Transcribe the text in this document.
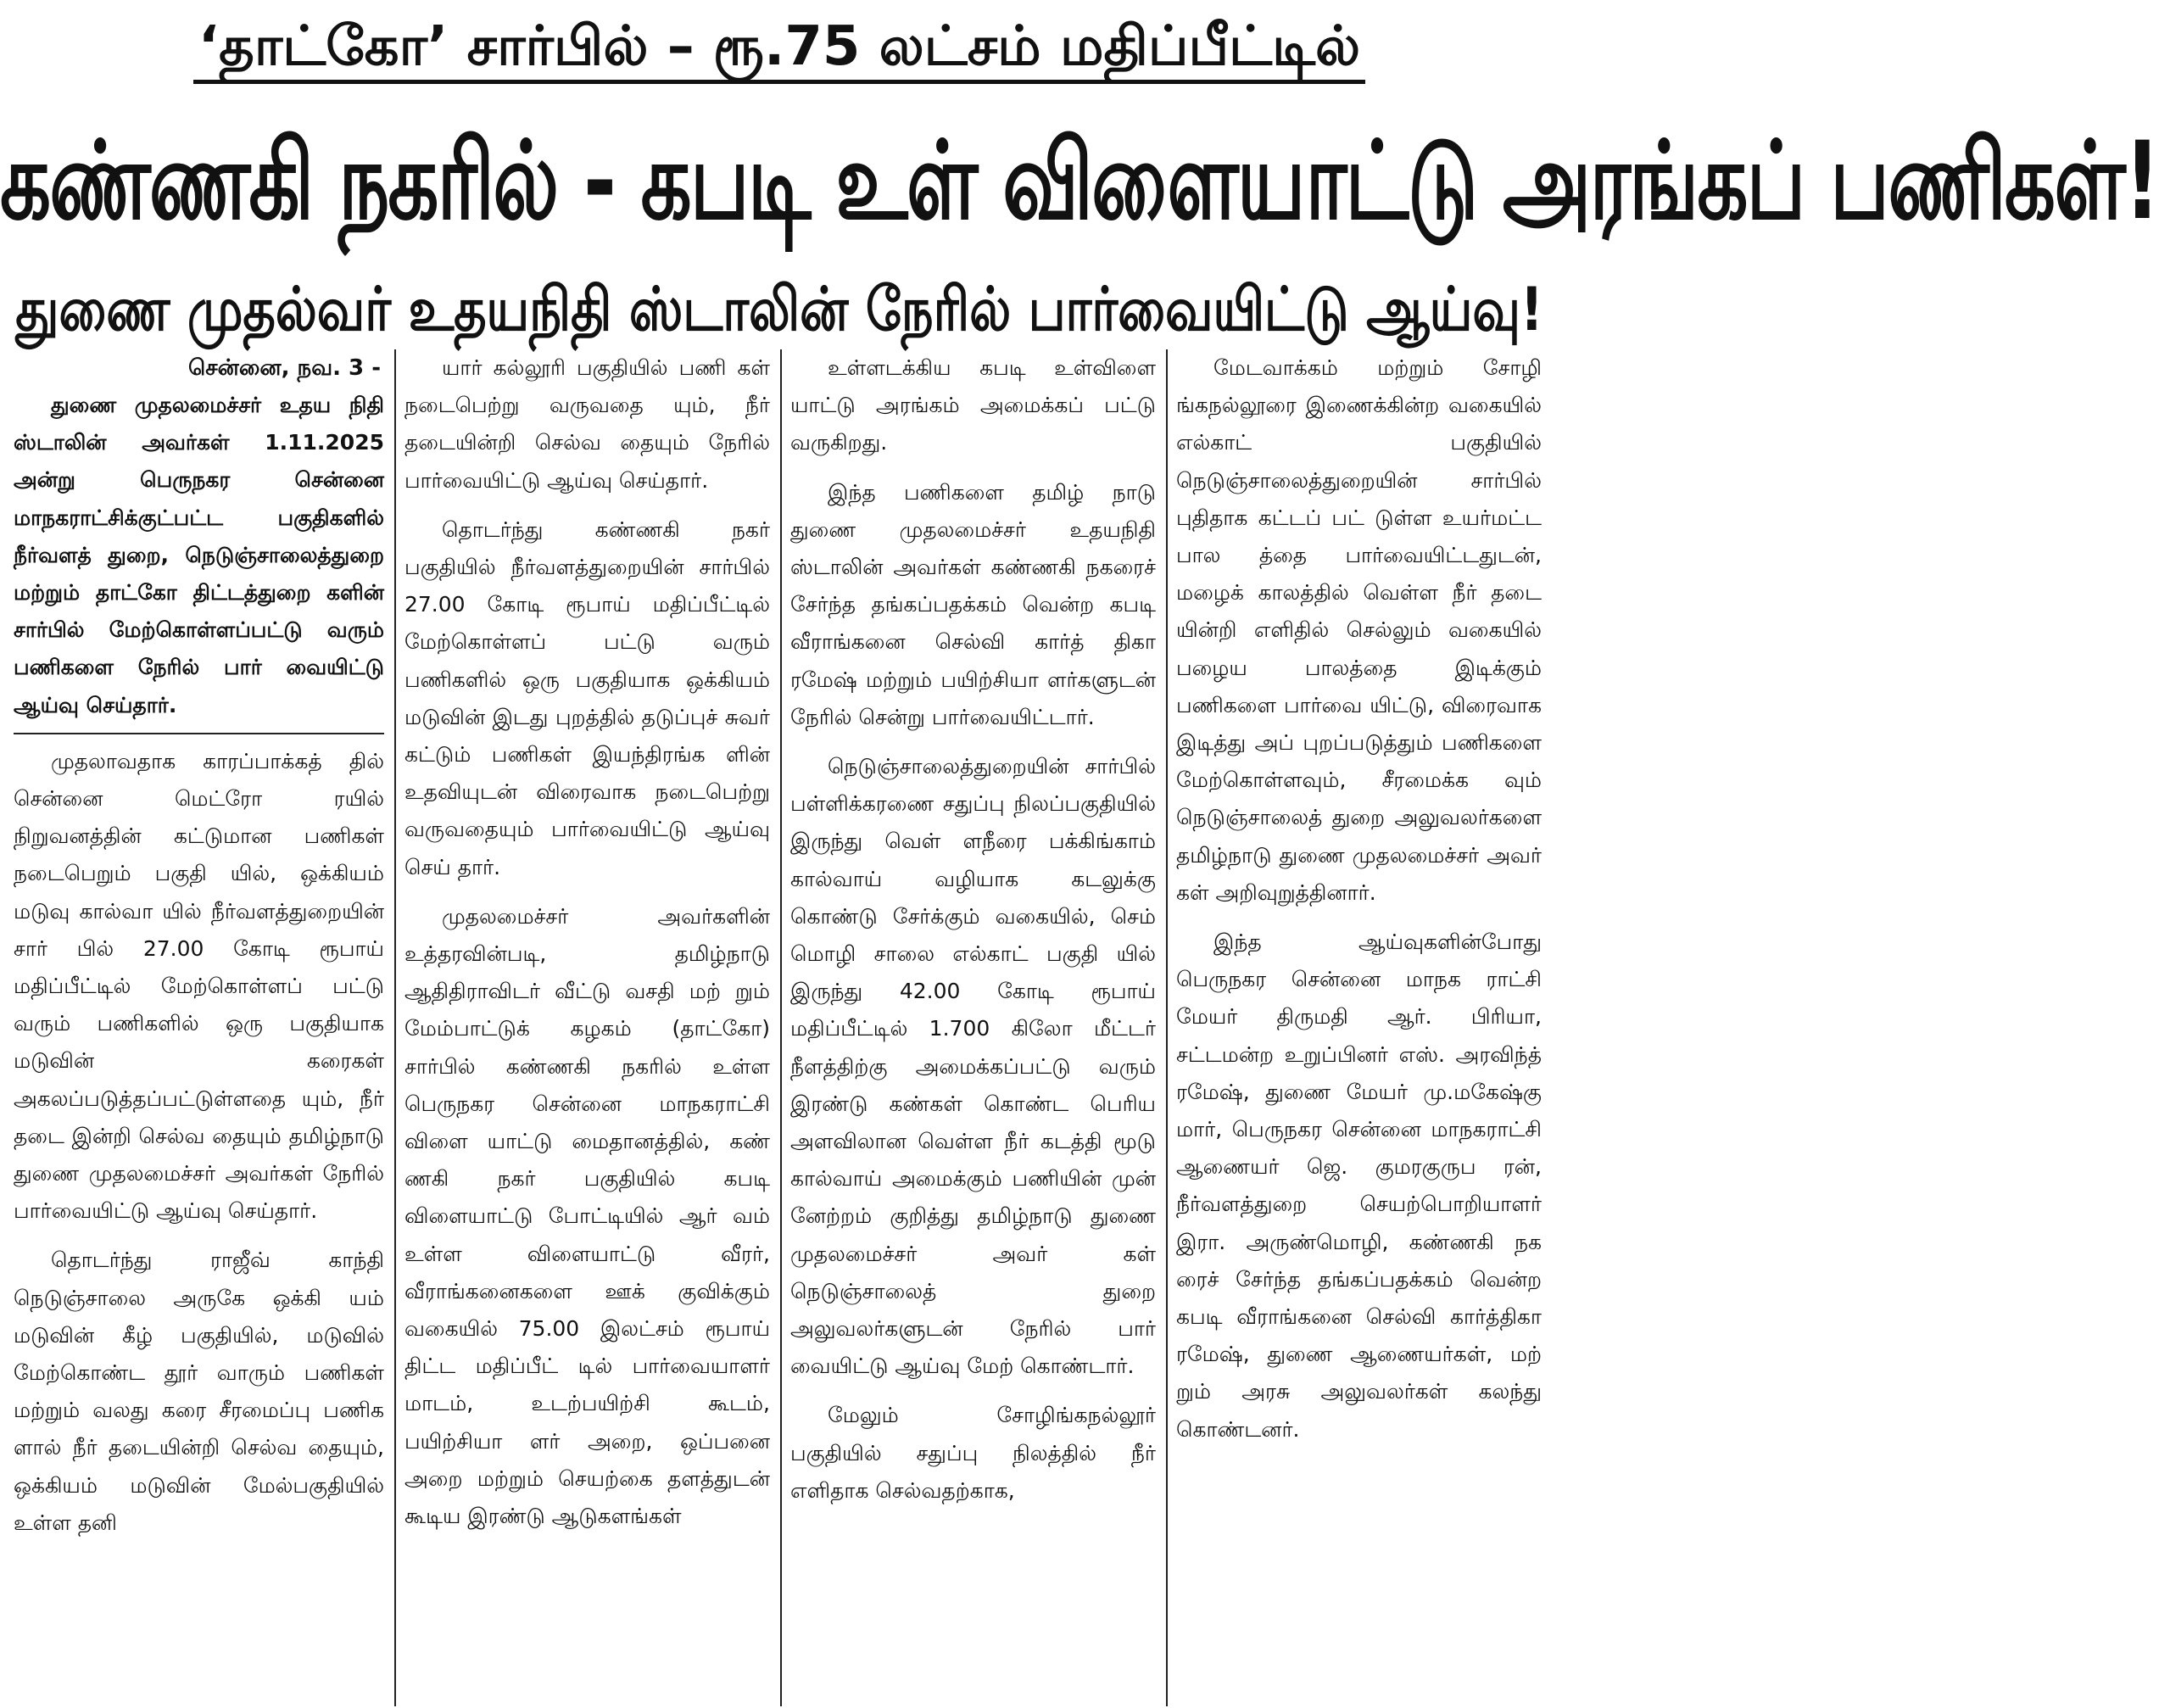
‘தாட்கோ’ சார்பில் – ரூ.75 லட்சம் மதிப்பீட்டில்
கண்ணகி நகரில் - கபடி உள் விளையாட்டு அரங்கப் பணிகள்!
துணை முதல்வர் உதயநிதி ஸ்டாலின் நேரில் பார்வையிட்டு ஆய்வு!
சென்னை, நவ. 3 -

துணை முதலமைச்சர் உதய நிதி ஸ்டாலின் அவர்கள் 1.11.2025 அன்று பெருநகர சென்னை மாநகராட்சிக்குட்பட்ட பகுதிகளில் நீர்வளத் துறை, நெடுஞ்சாலைத்துறை மற்றும் தாட்கோ திட்டத்துறை களின் சார்பில் மேற்கொள்ளப்பட்டு வரும் பணிகளை நேரில் பார் வையிட்டு ஆய்வு செய்தார்.

முதலாவதாக காரப்பாக்கத் தில் சென்னை மெட்ரோ ரயில் நிறுவனத்தின் கட்டுமான பணிகள் நடைபெறும் பகுதி யில், ஒக்கியம் மடுவு கால்வா யில் நீர்வளத்துறையின் சார் பில் 27.00 கோடி ரூபாய் மதிப்பீட்டில் மேற்கொள்ளப் பட்டு வரும் பணிகளில் ஒரு பகுதியாக மடுவின் கரைகள் அகலப்படுத்தப்பட்டுள்ளதை யும், நீர் தடை இன்றி செல்வ தையும் தமிழ்நாடு துணை முதலமைச்சர் அவர்கள் நேரில் பார்வையிட்டு ஆய்வு செய்தார்.

தொடர்ந்து ராஜீவ் காந்தி நெடுஞ்சாலை அருகே ஒக்கி யம் மடுவின் கீழ் பகுதியில், மடுவில் மேற்கொண்ட தூர் வாரும் பணிகள் மற்றும் வலது கரை சீரமைப்பு பணிக ளால் நீர் தடையின்றி செல்வ தையும், ஒக்கியம் மடுவின் மேல்பகுதியில் உள்ள தனி

யார் கல்லூரி பகுதியில் பணி கள் நடைபெற்று வருவதை யும், நீர் தடையின்றி செல்வ தையும் நேரில் பார்வையிட்டு ஆய்வு செய்தார்.

தொடர்ந்து கண்ணகி நகர் பகுதியில் நீர்வளத்துறையின் சார்பில் 27.00 கோடி ரூபாய் மதிப்பீட்டில் மேற்கொள்ளப் பட்டு வரும் பணிகளில் ஒரு பகுதியாக ஒக்கியம் மடுவின் இடது புறத்தில் தடுப்புச் சுவர் கட்டும் பணிகள் இயந்திரங்க ளின் உதவியுடன் விரைவாக நடைபெற்று வருவதையும் பார்வையிட்டு ஆய்வு செய் தார்.

முதலமைச்சர் அவர்களின் உத்தரவின்படி, தமிழ்நாடு ஆதிதிராவிடர் வீட்டு வசதி மற் றும் மேம்பாட்டுக் கழகம் (தாட்கோ) சார்பில் கண்ணகி நகரில் உள்ள பெருநகர சென்னை மாநகராட்சி விளை யாட்டு மைதானத்தில், கண் ணகி நகர் பகுதியில் கபடி விளையாட்டு போட்டியில் ஆர் வம் உள்ள விளையாட்டு வீரர், வீராங்கனைகளை ஊக் குவிக்கும் வகையில் 75.00 இலட்சம் ரூபாய் திட்ட மதிப்பீட் டில் பார்வையாளர் மாடம், உடற்பயிற்சி கூடம், பயிற்சியா ளர் அறை, ஒப்பனை அறை மற்றும் செயற்கை தளத்துடன் கூடிய இரண்டு ஆடுகளங்கள்

உள்ளடக்கிய கபடி உள்விளை யாட்டு அரங்கம் அமைக்கப் பட்டு வருகிறது.

இந்த பணிகளை தமிழ் நாடு துணை முதலமைச்சர் உதயநிதி ஸ்டாலின் அவர்கள் கண்ணகி நகரைச் சேர்ந்த தங்கப்பதக்கம் வென்ற கபடி வீராங்கனை செல்வி கார்த் திகா ரமேஷ் மற்றும் பயிற்சியா ளர்களுடன் நேரில் சென்று பார்வையிட்டார்.

நெடுஞ்சாலைத்துறையின் சார்பில் பள்ளிக்கரணை சதுப்பு நிலப்பகுதியில் இருந்து வெள் ளநீரை பக்கிங்காம் கால்வாய் வழியாக கடலுக்கு கொண்டு சேர்க்கும் வகையில், செம் மொழி சாலை எல்காட் பகுதி யில் இருந்து 42.00 கோடி ரூபாய் மதிப்பீட்டில் 1.700 கிலோ மீட்டர் நீளத்திற்கு அமைக்கப்பட்டு வரும் இரண்டு கண்கள் கொண்ட பெரிய அளவிலான வெள்ள நீர் கடத்தி மூடு கால்வாய் அமைக்கும் பணியின் முன் னேற்றம் குறித்து தமிழ்நாடு துணை முதலமைச்சர் அவர் கள் நெடுஞ்சாலைத் துறை அலுவலர்களுடன் நேரில் பார் வையிட்டு ஆய்வு மேற் கொண்டார்.

மேலும் சோழிங்கநல்லூர் பகுதியில் சதுப்பு நிலத்தில் நீர் எளிதாக செல்வதற்காக,

மேடவாக்கம் மற்றும் சோழி ங்கநல்லூரை இணைக்கின்ற வகையில் எல்காட் பகுதியில் நெடுஞ்சாலைத்துறையின் சார்பில் புதிதாக கட்டப் பட் டுள்ள உயர்மட்ட பால த்தை பார்வையிட்டதுடன், மழைக் காலத்தில் வெள்ள நீர் தடை யின்றி எளிதில் செல்லும் வகையில் பழைய பாலத்தை இடிக்கும் பணிகளை பார்வை யிட்டு, விரைவாக இடித்து அப் புறப்படுத்தும் பணிகளை மேற்கொள்ளவும், சீரமைக்க வும் நெடுஞ்சாலைத் துறை அலுவலர்களை தமிழ்நாடு துணை முதலமைச்சர் அவர் கள் அறிவுறுத்தினார்.

இந்த ஆய்வுகளின்போது பெருநகர சென்னை மாநக ராட்சி மேயர் திருமதி ஆர். பிரியா, சட்டமன்ற உறுப்பினர் எஸ். அரவிந்த் ரமேஷ், துணை மேயர் மு.மகேஷ்கு மார், பெருநகர சென்னை மாநகராட்சி ஆணையர் ஜெ. குமரகுருப ரன், நீர்வளத்துறை செயற்பொறியாளர் இரா. அருண்மொழி, கண்ணகி நக ரைச் சேர்ந்த தங்கப்பதக்கம் வென்ற கபடி வீராங்கனை செல்வி கார்த்திகா ரமேஷ், துணை ஆணையர்கள், மற் றும் அரசு அலுவலர்கள் கலந்து கொண்டனர்.
